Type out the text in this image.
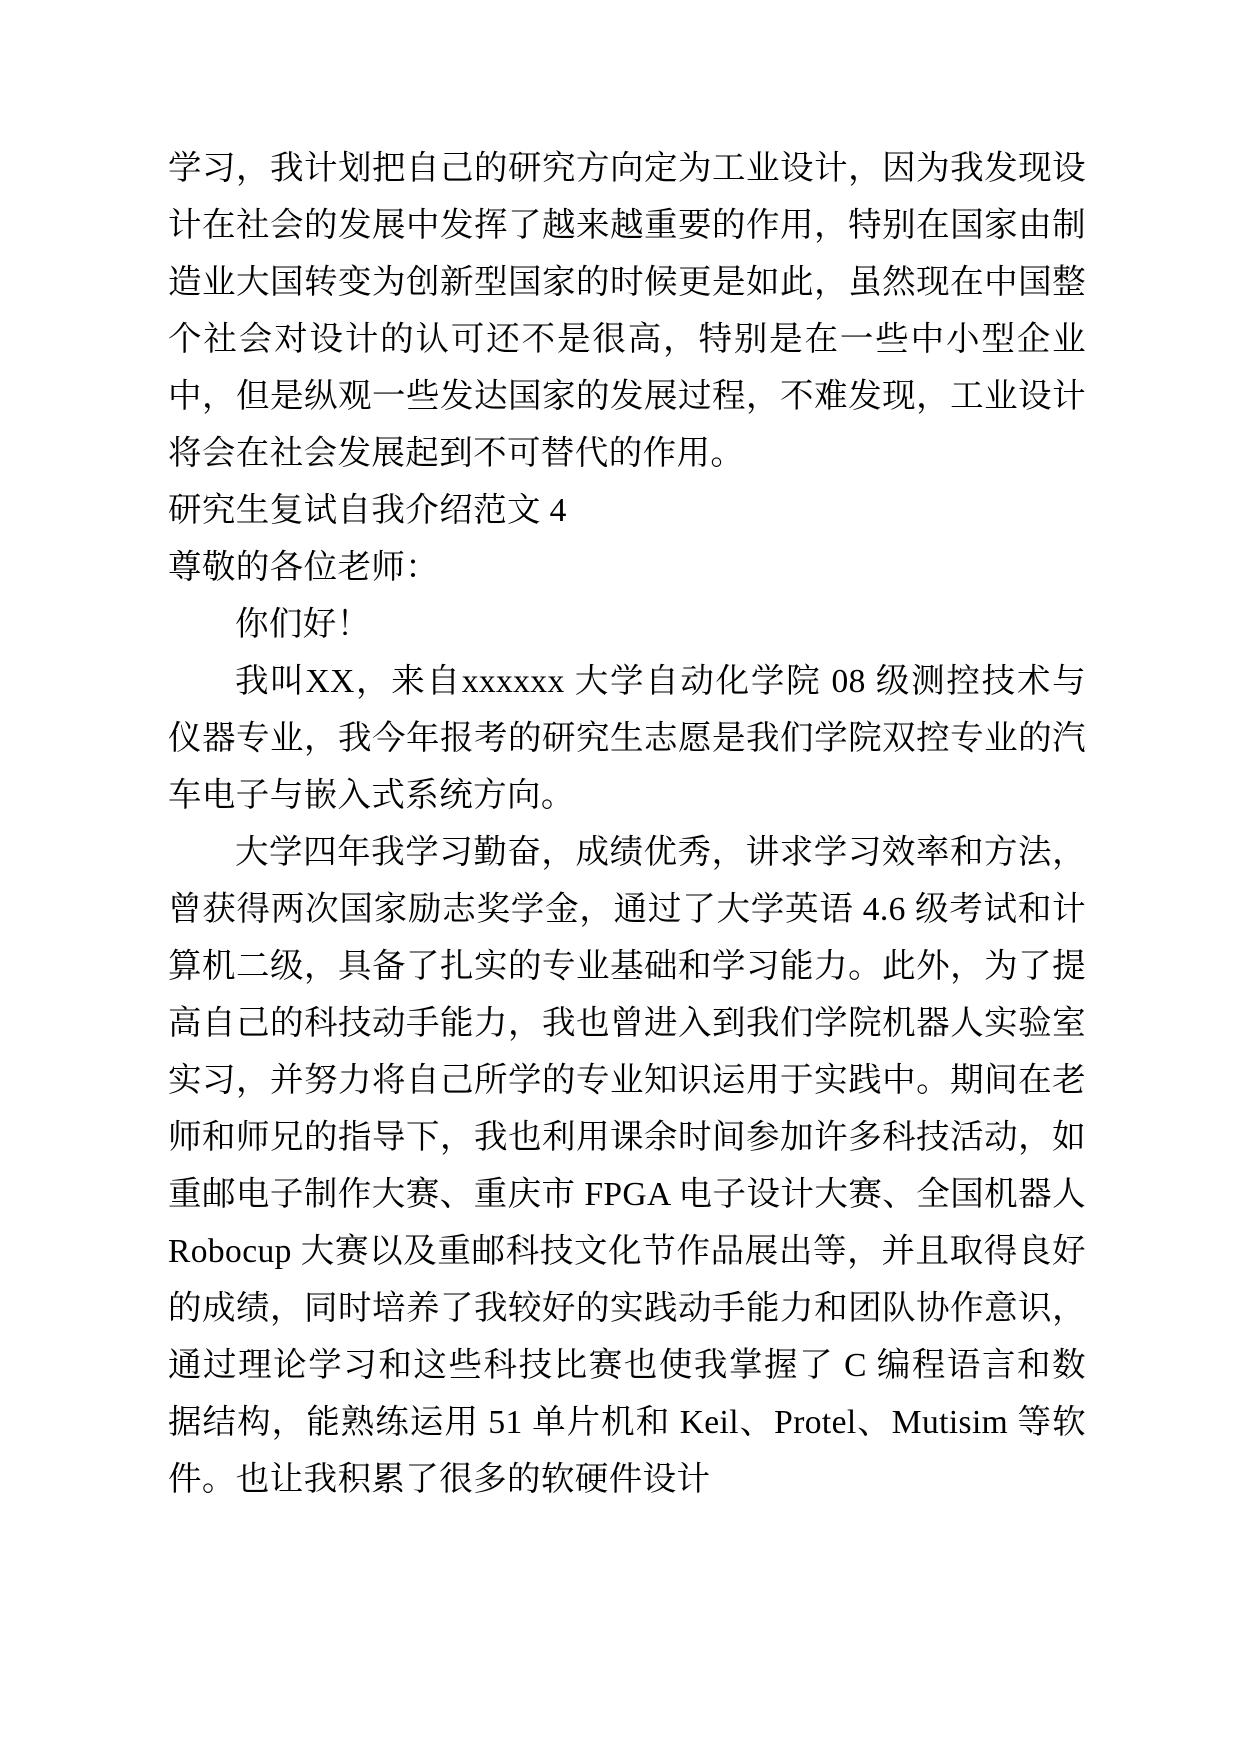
学习，我计划把自己的研究方向定为工业设计，因为我发现设计在社会的发展中发挥了越来越重要的作用，特别在国家由制造业大国转变为创新型国家的时候更是如此，虽然现在中国整个社会对设计的认可还不是很高，特别是在一些中小型企业中，但是纵观一些发达国家的发展过程，不难发现，工业设计将会在社会发展起到不可替代的作用。

研究生复试自我介绍范文 4

尊敬的各位老师：

你们好！

我叫XX，来自xxxxxx 大学自动化学院 08 级测控技术与仪器专业，我今年报考的研究生志愿是我们学院双控专业的汽车电子与嵌入式系统方向。

大学四年我学习勤奋，成绩优秀，讲求学习效率和方法，曾获得两次国家励志奖学金，通过了大学英语 4.6 级考试和计算机二级，具备了扎实的专业基础和学习能力。此外，为了提高自己的科技动手能力，我也曾进入到我们学院机器人实验室实习，并努力将自己所学的专业知识运用于实践中。期间在老师和师兄的指导下，我也利用课余时间参加许多科技活动，如重邮电子制作大赛、重庆市 FPGA 电子设计大赛、全国机器人 Robocup 大赛以及重邮科技文化节作品展出等，并且取得良好的成绩，同时培养了我较好的实践动手能力和团队协作意识，通过理论学习和这些科技比赛也使我掌握了 C 编程语言和数据结构，能熟练运用 51 单片机和 Keil、Protel、Mutisim 等软件。也让我积累了很多的软硬件设计
